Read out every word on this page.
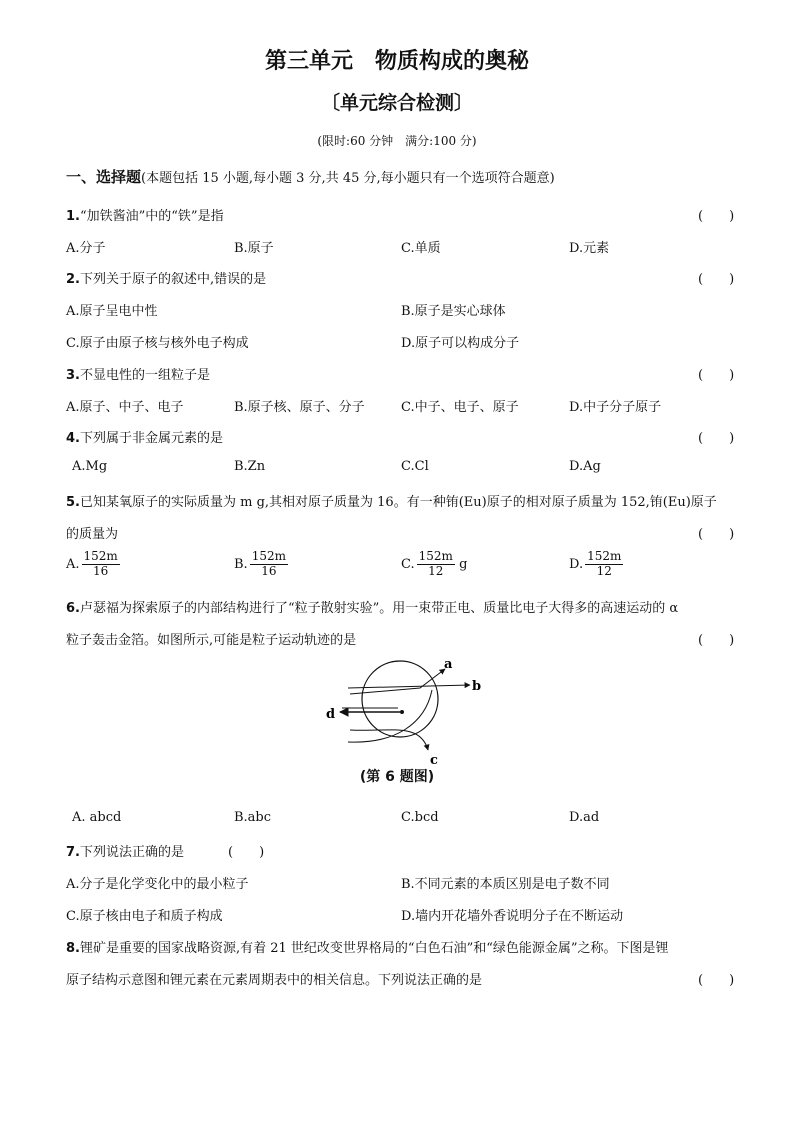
第三单元　物质构成的奥秘
〔单元综合检测〕
(限时:60 分钟　满分:100 分)
一、选择题(本题包括 15 小题,每小题 3 分,共 45 分,每小题只有一个选项符合题意)
1.“加铁酱油”中的“铁”是指	(　　)
A.分子	B.原子	C.单质	D.元素
2.下列关于原子的叙述中,错误的是	(　　)
A.原子呈电中性	B.原子是实心球体
C.原子由原子核与核外电子构成	D.原子可以构成分子
3.不显电性的一组粒子是	(　　)
A.原子、中子、电子	B.原子核、原子、分子	C.中子、电子、原子	D.中子分子原子
4.下列属于非金属元素的是	(　　)
A.Mg	B.Zn	C.Cl	D.Ag
5.已知某氧原子的实际质量为 m g,其相对原子质量为 16。有一种铕(Eu)原子的相对原子质量为 152,铕(Eu)原子
的质量为	(　　)
A. $\frac{152m}{16}$	B. $\frac{152m}{16}$	C. $\frac{152m}{12}$ g	D. $\frac{152m}{12}$
6.卢瑟福为探索原子的内部结构进行了“粒子散射实验”。用一束带正电、质量比电子大得多的高速运动的 α
粒子轰击金箔。如图所示,可能是粒子运动轨迹的是	(　　)
a
b
c
d
(第 6 题图)
A. abcd	B.abc	C.bcd	D.ad
7.下列说法正确的是	(　　)
A.分子是化学变化中的最小粒子	B.不同元素的本质区别是电子数不同
C.原子核由电子和质子构成	D.墙内开花墙外香说明分子在不断运动
8.锂矿是重要的国家战略资源,有着 21 世纪改变世界格局的“白色石油”和“绿色能源金属”之称。下图是锂
原子结构示意图和锂元素在元素周期表中的相关信息。下列说法正确的是	(　　)
